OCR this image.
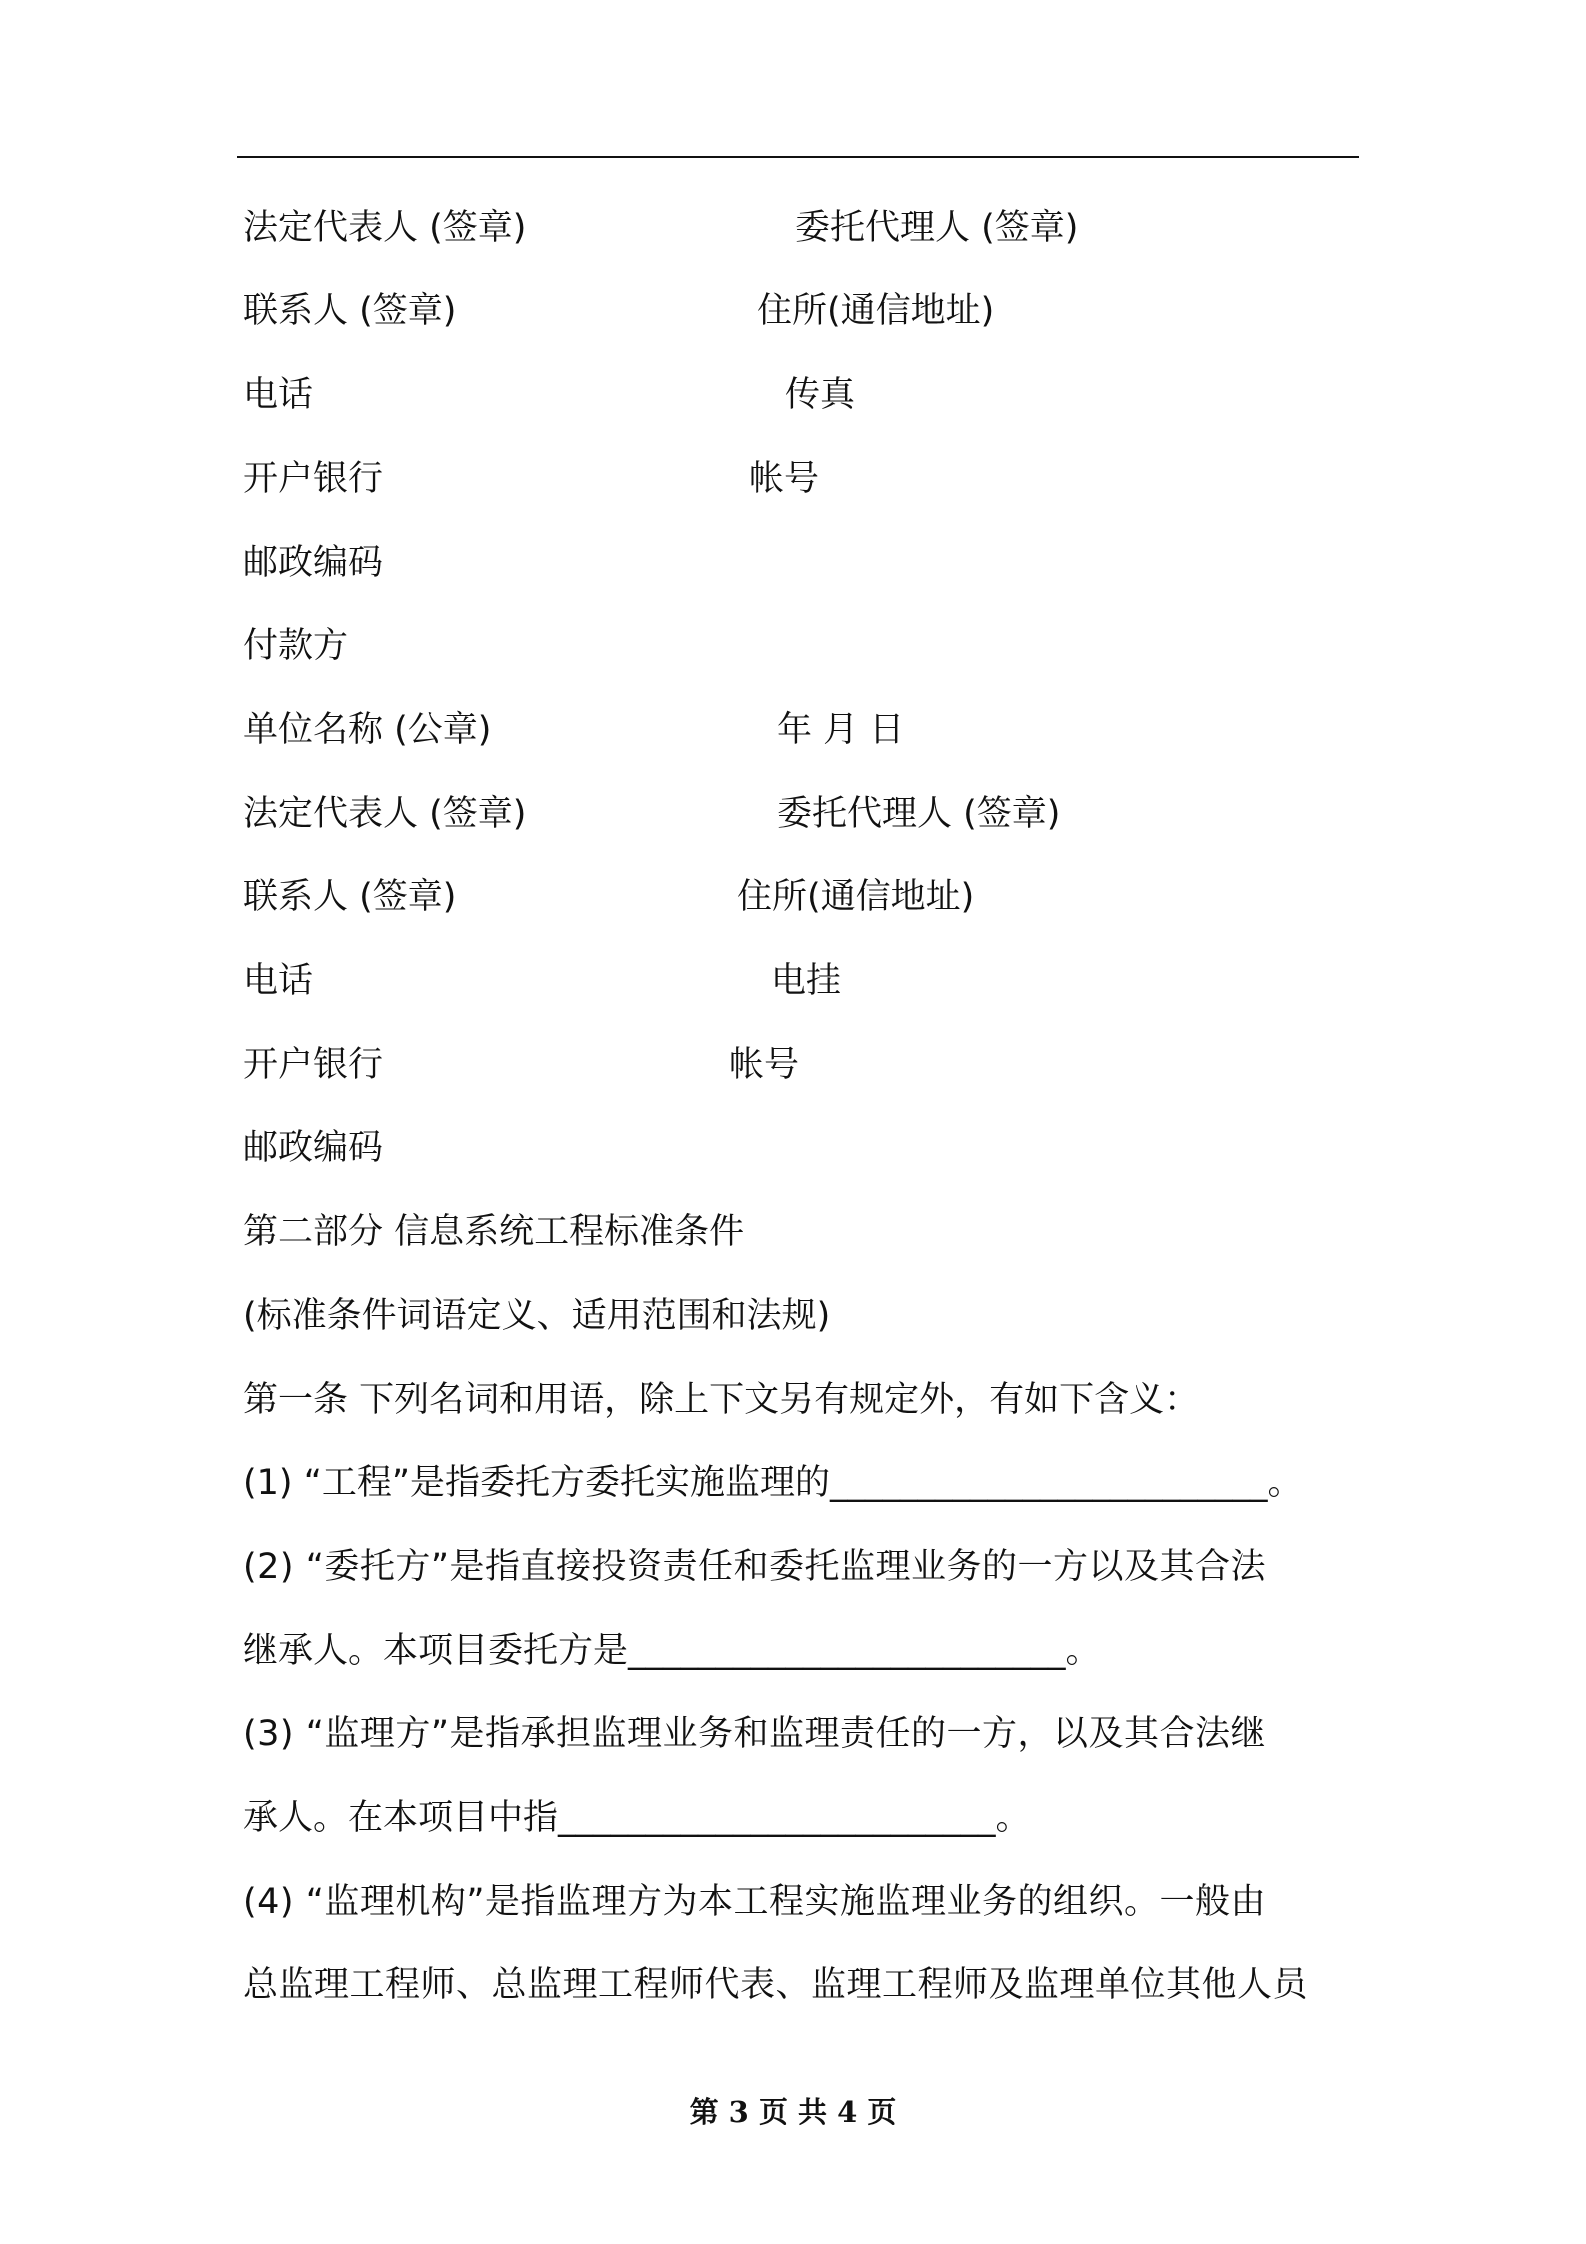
法定代表人 (签章)	委托代理人 (签章)
联系人 (签章)	住所(通信地址)
电话	传真
开户银行	帐号
邮政编码
付款方
单位名称 (公章)	年 月 日
法定代表人 (签章)	委托代理人 (签章)
联系人 (签章)	住所(通信地址)
电话	电挂
开户银行	帐号
邮政编码
第二部分 信息系统工程标准条件
(标准条件词语定义、适用范围和法规)
第一条 下列名词和用语，除上下文另有规定外，有如下含义：
(1) “工程”是指委托方委托实施监理的_________________________。
(2) “委托方”是指直接投资责任和委托监理业务的一方以及其合法
继承人。本项目委托方是_________________________。
(3) “监理方”是指承担监理业务和监理责任的一方，以及其合法继
承人。在本项目中指_________________________。
(4) “监理机构”是指监理方为本工程实施监理业务的组织。一般由
总监理工程师、总监理工程师代表、监理工程师及监理单位其他人员
第 3 页 共 4 页
